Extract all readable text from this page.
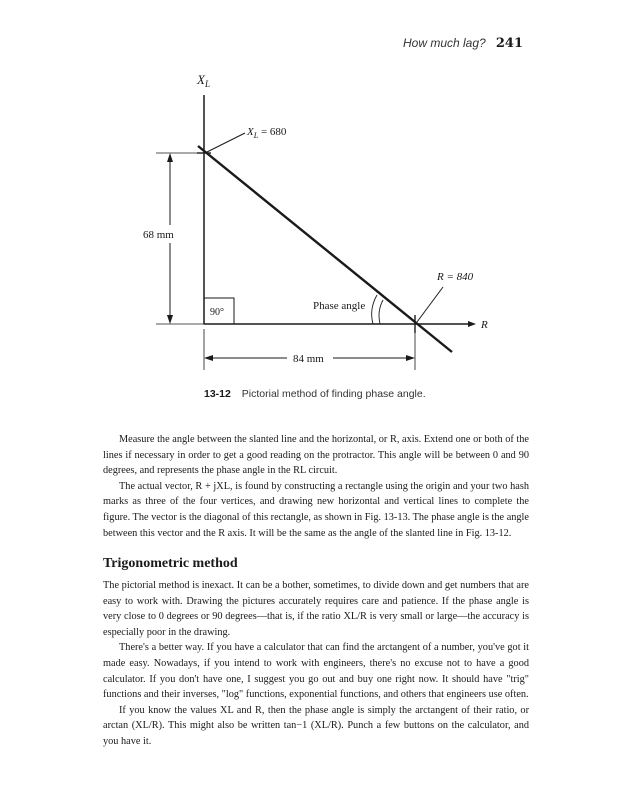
How much lag? 241
$X_L$
$X_L = 680$
R = 840
R
68 mm
84 mm
90°
Phase angle
13-12 Pictorial method of finding phase angle.

Measure the angle between the slanted line and the horizontal, or R, axis. Extend one or both of the lines if necessary in order to get a good reading on the protractor. This angle will be between 0 and 90 degrees, and represents the phase angle in the RL circuit.

The actual vector, R + jXL, is found by constructing a rectangle using the origin and your two hash marks as three of the four vertices, and drawing new horizontal and vertical lines to complete the figure. The vector is the diagonal of this rectangle, as shown in Fig. 13-13. The phase angle is the angle between this vector and the R axis. It will be the same as the angle of the slanted line in Fig. 13-12.

Trigonometric method

The pictorial method is inexact. It can be a bother, sometimes, to divide down and get numbers that are easy to work with. Drawing the pictures accurately requires care and patience. If the phase angle is very close to 0 degrees or 90 degrees—that is, if the ratio XL/R is very small or large—the accuracy is especially poor in the drawing.

There's a better way. If you have a calculator that can find the arctangent of a number, you've got it made easy. Nowadays, if you intend to work with engineers, there's no excuse not to have a good calculator. If you don't have one, I suggest you go out and buy one right now. It should have "trig" functions and their inverses, "log" functions, exponential functions, and others that engineers use often.

If you know the values XL and R, then the phase angle is simply the arctangent of their ratio, or arctan (XL/R). This might also be written tan−1 (XL/R). Punch a few buttons on the calculator, and you have it.
